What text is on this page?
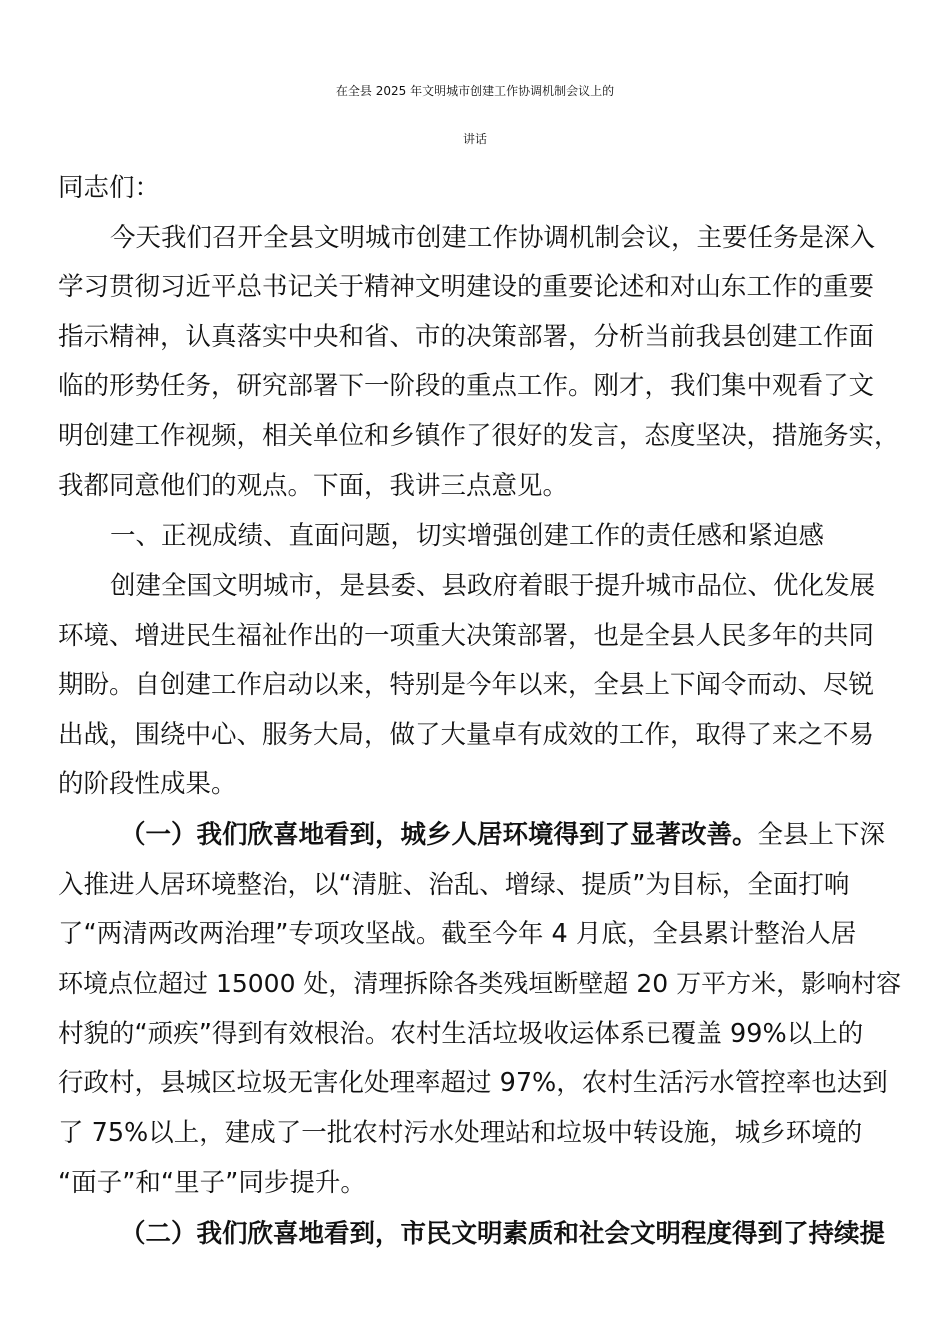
在全县 2025 年文明城市创建工作协调机制会议上的
讲话

同志们：

今天我们召开全县文明城市创建工作协调机制会议，主要任务是深入

学习贯彻习近平总书记关于精神文明建设的重要论述和对山东工作的重要

指示精神，认真落实中央和省、市的决策部署，分析当前我县创建工作面

临的形势任务，研究部署下一阶段的重点工作。刚才，我们集中观看了文

明创建工作视频，相关单位和乡镇作了很好的发言，态度坚决，措施务实，

我都同意他们的观点。下面，我讲三点意见。

一、正视成绩、直面问题，切实增强创建工作的责任感和紧迫感

创建全国文明城市，是县委、县政府着眼于提升城市品位、优化发展

环境、增进民生福祉作出的一项重大决策部署，也是全县人民多年的共同

期盼。自创建工作启动以来，特别是今年以来，全县上下闻令而动、尽锐

出战，围绕中心、服务大局，做了大量卓有成效的工作，取得了来之不易

的阶段性成果。

（一）我们欣喜地看到，城乡人居环境得到了显著改善。全县上下深

入推进人居环境整治，以“清脏、治乱、增绿、提质”为目标，全面打响

了“两清两改两治理”专项攻坚战。截至今年 4 月底，全县累计整治人居

环境点位超过 15000 处，清理拆除各类残垣断壁超 20 万平方米，影响村容

村貌的“顽疾”得到有效根治。农村生活垃圾收运体系已覆盖 99%以上的

行政村，县城区垃圾无害化处理率超过 97%，农村生活污水管控率也达到

了 75%以上，建成了一批农村污水处理站和垃圾中转设施，城乡环境的

“面子”和“里子”同步提升。

（二）我们欣喜地看到，市民文明素质和社会文明程度得到了持续提
